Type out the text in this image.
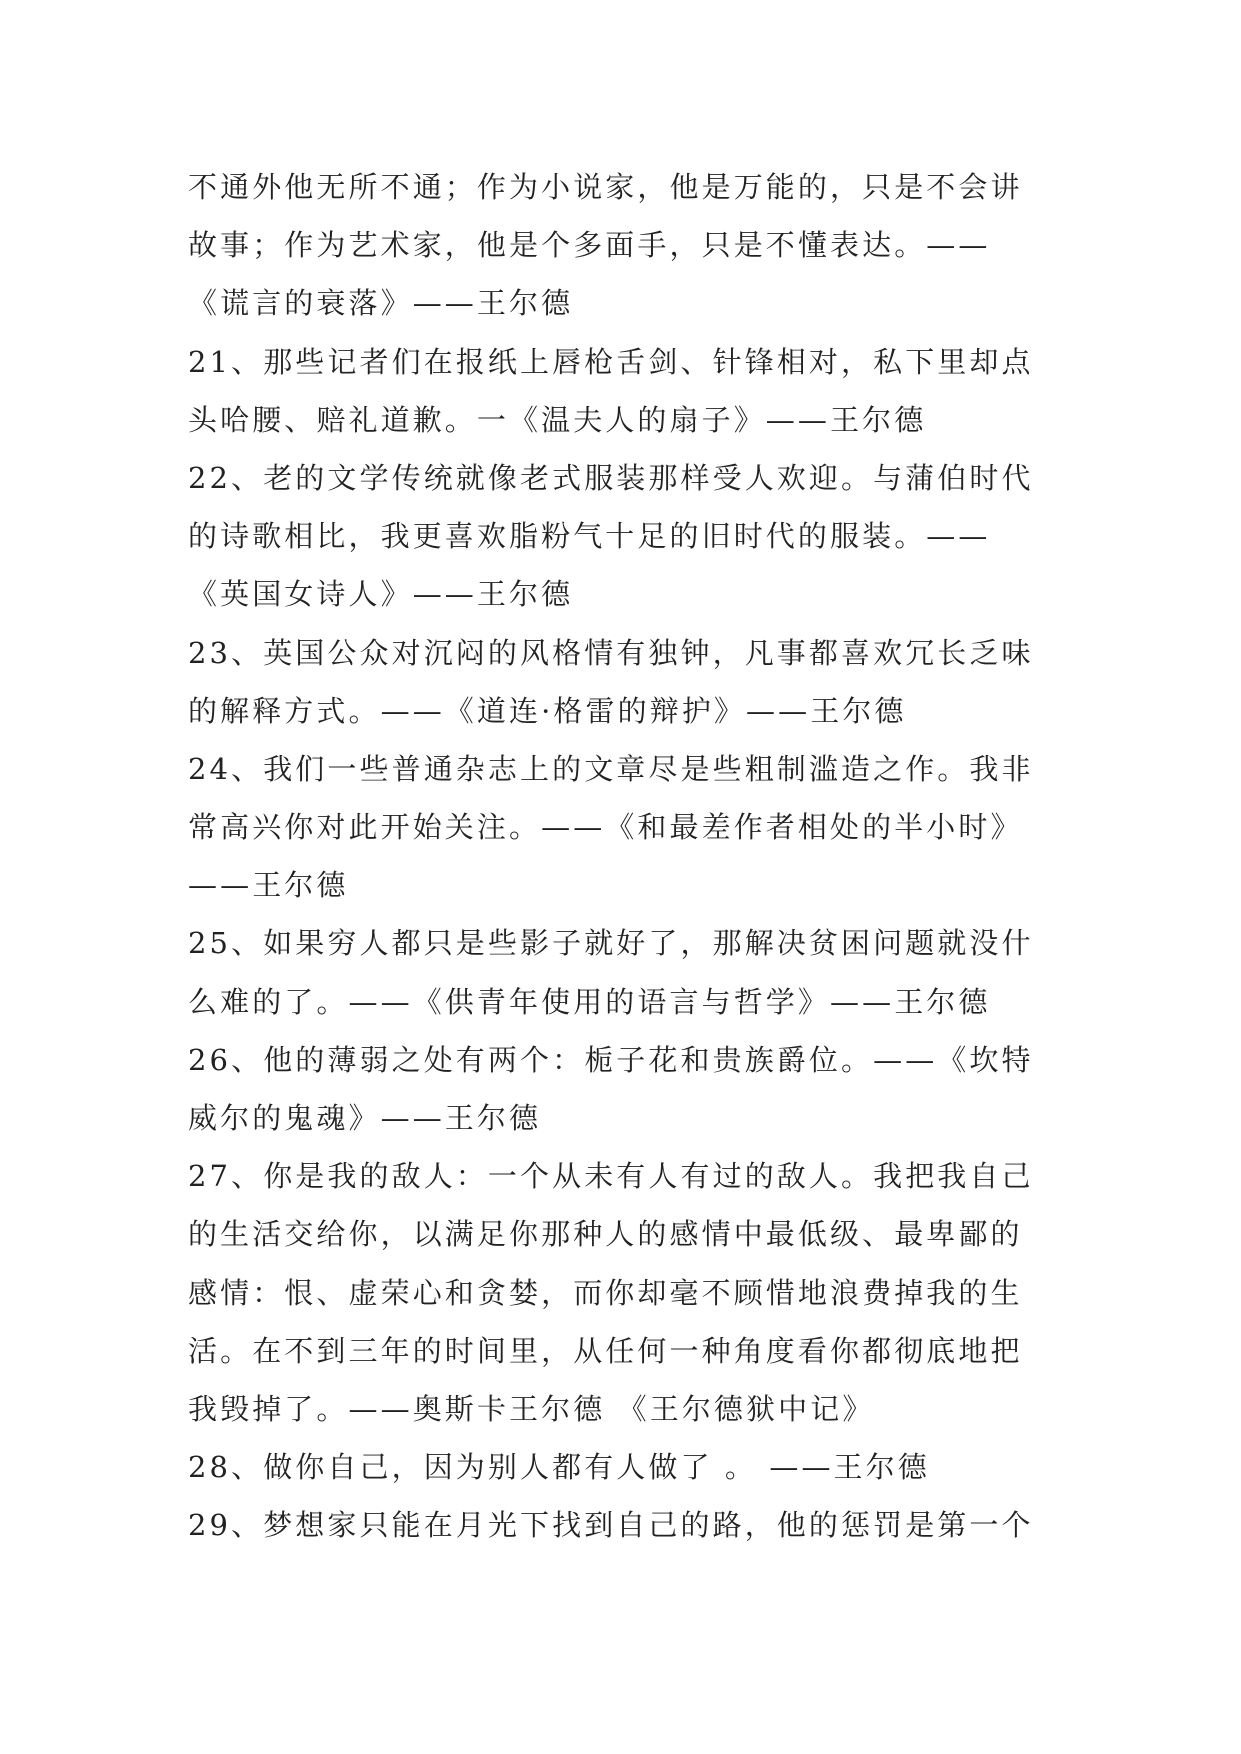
不通外他无所不通；作为小说家，他是万能的，只是不会讲
故事；作为艺术家，他是个多面手，只是不懂表达。——
《谎言的衰落》——王尔德
21、那些记者们在报纸上唇枪舌剑、针锋相对，私下里却点
头哈腰、赔礼道歉。一《温夫人的扇子》——王尔德
22、老的文学传统就像老式服装那样受人欢迎。与蒲伯时代
的诗歌相比，我更喜欢脂粉气十足的旧时代的服装。——
《英国女诗人》——王尔德
23、英国公众对沉闷的风格情有独钟，凡事都喜欢冗长乏味
的解释方式。——《道连·格雷的辩护》——王尔德
24、我们一些普通杂志上的文章尽是些粗制滥造之作。我非
常高兴你对此开始关注。——《和最差作者相处的半小时》
——王尔德
25、如果穷人都只是些影子就好了，那解决贫困问题就没什
么难的了。——《供青年使用的语言与哲学》——王尔德
26、他的薄弱之处有两个：栀子花和贵族爵位。——《坎特
威尔的鬼魂》——王尔德
27、你是我的敌人：一个从未有人有过的敌人。我把我自己
的生活交给你，以满足你那种人的感情中最低级、最卑鄙的
感情：恨、虚荣心和贪婪，而你却毫不顾惜地浪费掉我的生
活。在不到三年的时间里，从任何一种角度看你都彻底地把
我毁掉了。——奥斯卡王尔德 《王尔德狱中记》
28、做你自己，因为别人都有人做了 。 ——王尔德
29、梦想家只能在月光下找到自己的路，他的惩罚是第一个
